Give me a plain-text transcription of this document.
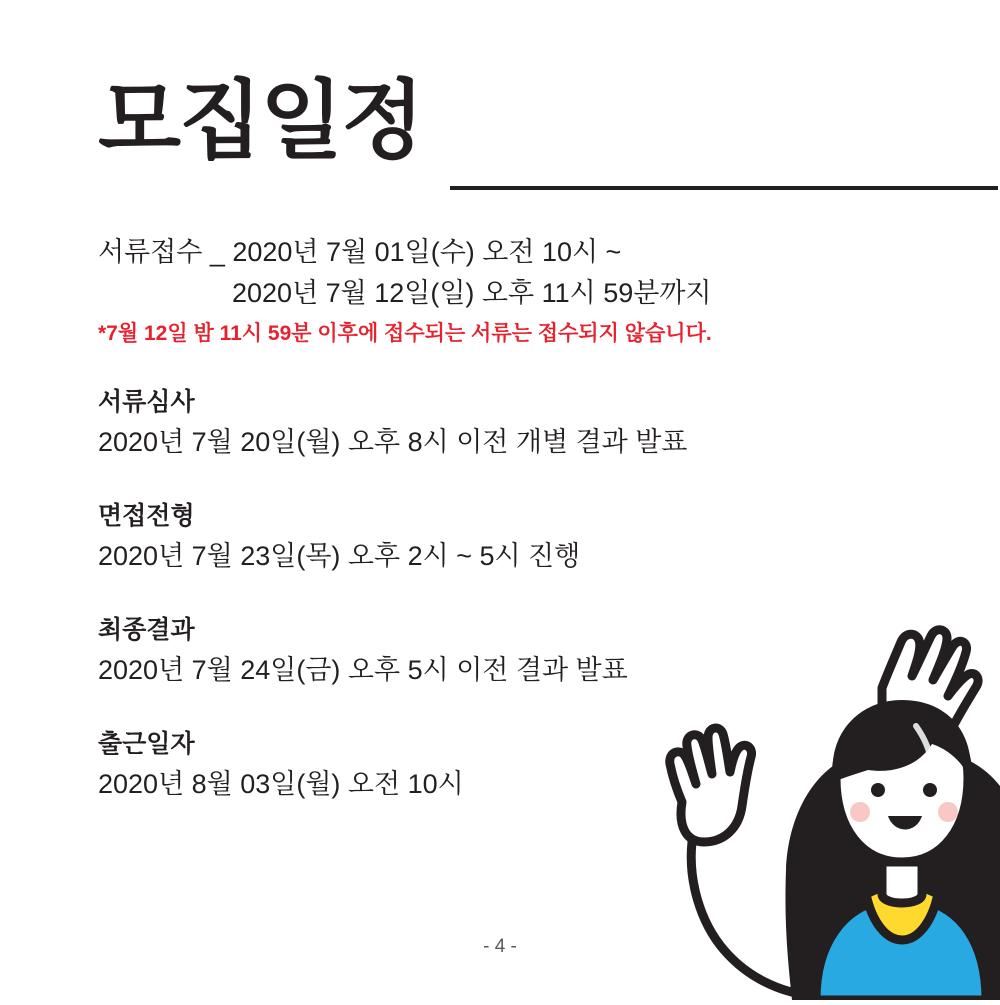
모집일정
서류접수 _ 2020년 7월 01일(수) 오전 10시 ~
2020년 7월 12일(일) 오후 11시 59분까지
*7월 12일 밤 11시 59분 이후에 접수되는 서류는 접수되지 않습니다.
서류심사
2020년 7월 20일(월) 오후 8시 이전 개별 결과 발표
면접전형
2020년 7월 23일(목) 오후 2시 ~ 5시 진행
최종결과
2020년 7월 24일(금) 오후 5시 이전 결과 발표
출근일자
2020년 8월 03일(월) 오전 10시
- 4 -
